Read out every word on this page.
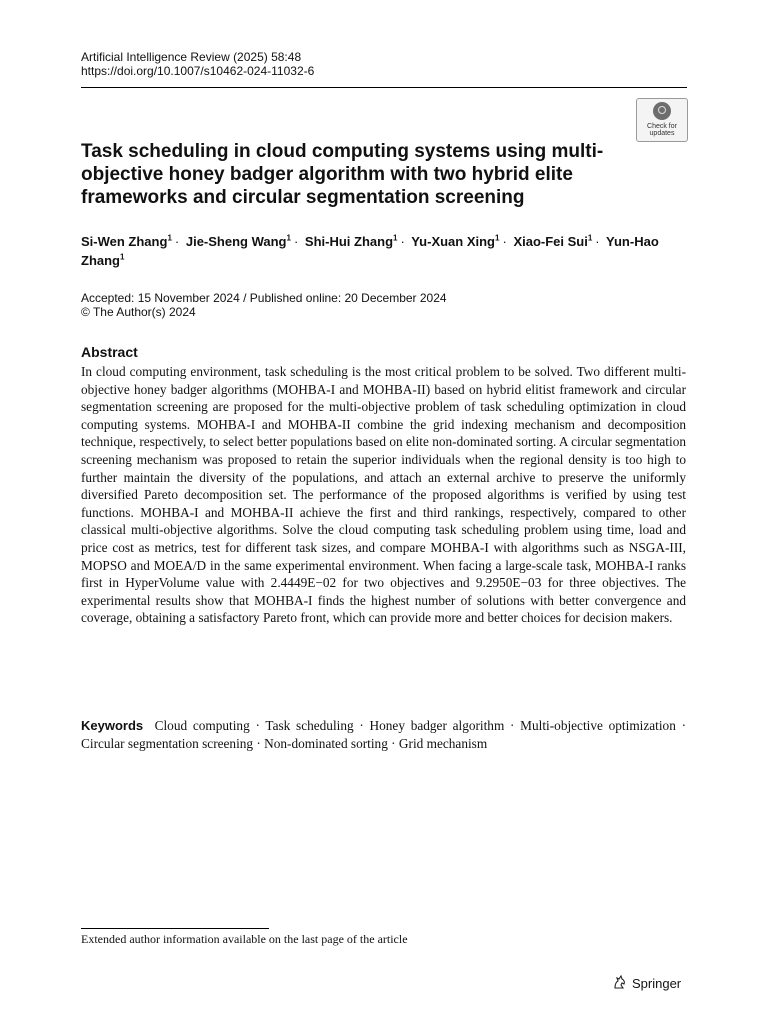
Artificial Intelligence Review (2025) 58:48
https://doi.org/10.1007/s10462-024-11032-6
Check for
updates
Task scheduling in cloud computing systems using multi-objective honey badger algorithm with two hybrid elite frameworks and circular segmentation screening
Si-Wen Zhang$^1$ · Jie-Sheng Wang$^1$ · Shi-Hui Zhang$^1$ · Yu-Xuan Xing$^1$ · Xiao-Fei Sui$^1$ · Yun-Hao Zhang$^1$
Accepted: 15 November 2024 / Published online: 20 December 2024
© The Author(s) 2024
Abstract

In cloud computing environment, task scheduling is the most critical problem to be solved. Two different multi-objective honey badger algorithms (MOHBA-I and MOHBA-II) based on hybrid elitist framework and circular segmentation screening are proposed for the multi-objective problem of task scheduling optimization in cloud computing systems. MOHBA-I and MOHBA-II combine the grid indexing mechanism and decomposition technique, respectively, to select better populations based on elite non-dominated sorting. A circular segmentation screening mechanism was proposed to retain the superior individuals when the regional density is too high to further maintain the diversity of the populations, and attach an external archive to preserve the uniformly diversified Pareto decomposition set. The performance of the proposed algorithms is verified by using test functions. MOHBA-I and MOHBA-II achieve the first and third rankings, respectively, compared to other classical multi-objective algorithms. Solve the cloud computing task scheduling problem using time, load and price cost as metrics, test for different task sizes, and compare MOHBA-I with algorithms such as NSGA-III, MOPSO and MOEA/D in the same experimental environment. When facing a large-scale task, MOHBA-I ranks first in HyperVolume value with 2.4449E−02 for two objectives and 9.2950E−03 for three objectives. The experimental results show that MOHBA-I finds the highest number of solutions with better convergence and coverage, obtaining a satisfactory Pareto front, which can provide more and better choices for decision makers.

Keywords Cloud computing · Task scheduling · Honey badger algorithm · Multi-objective optimization · Circular segmentation screening · Non-dominated sorting · Grid mechanism

Extended author information available on the last page of the article
Springer
